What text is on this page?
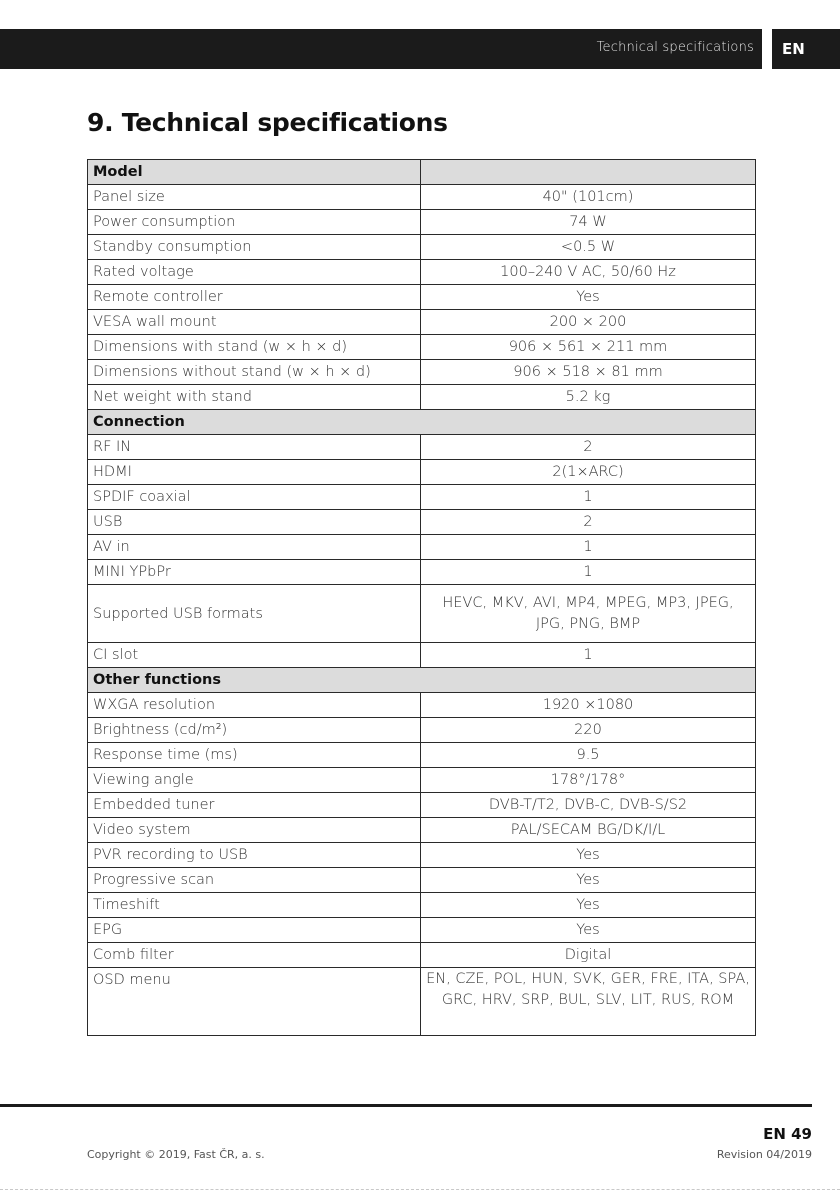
Technical specifications	EN
9. Technical specifications
Model	
Panel size	40" (101cm)
Power consumption	74 W
Standby consumption	<0.5 W
Rated voltage	100–240 V AC, 50/60 Hz
Remote controller	Yes
VESA wall mount	200 × 200
Dimensions with stand (w × h × d)	906 × 561 × 211 mm
Dimensions without stand (w × h × d)	906 × 518 × 81 mm
Net weight with stand	5.2 kg
Connection	
RF IN	2
HDMI	2(1×ARC)
SPDIF coaxial	1
USB	2
AV in	1
MINI YPbPr	1
Supported USB formats	HEVC, MKV, AVI, MP4, MPEG, MP3, JPEG, JPG, PNG, BMP
CI slot	1
Other functions	
WXGA resolution	1920 ×1080
Brightness (cd/m²)	220
Response time (ms)	9.5
Viewing angle	178°/178°
Embedded tuner	DVB-T/T2, DVB-C, DVB-S/S2
Video system	PAL/SECAM BG/DK/I/L
PVR recording to USB	Yes
Progressive scan	Yes
Timeshift	Yes
EPG	Yes
Comb filter	Digital
OSD menu	EN, CZE, POL, HUN, SVK, GER, FRE, ITA, SPA, GRC, HRV, SRP, BUL, SLV, LIT, RUS, ROM
EN 49
Copyright © 2019, Fast ČR, a. s.	Revision 04/2019
